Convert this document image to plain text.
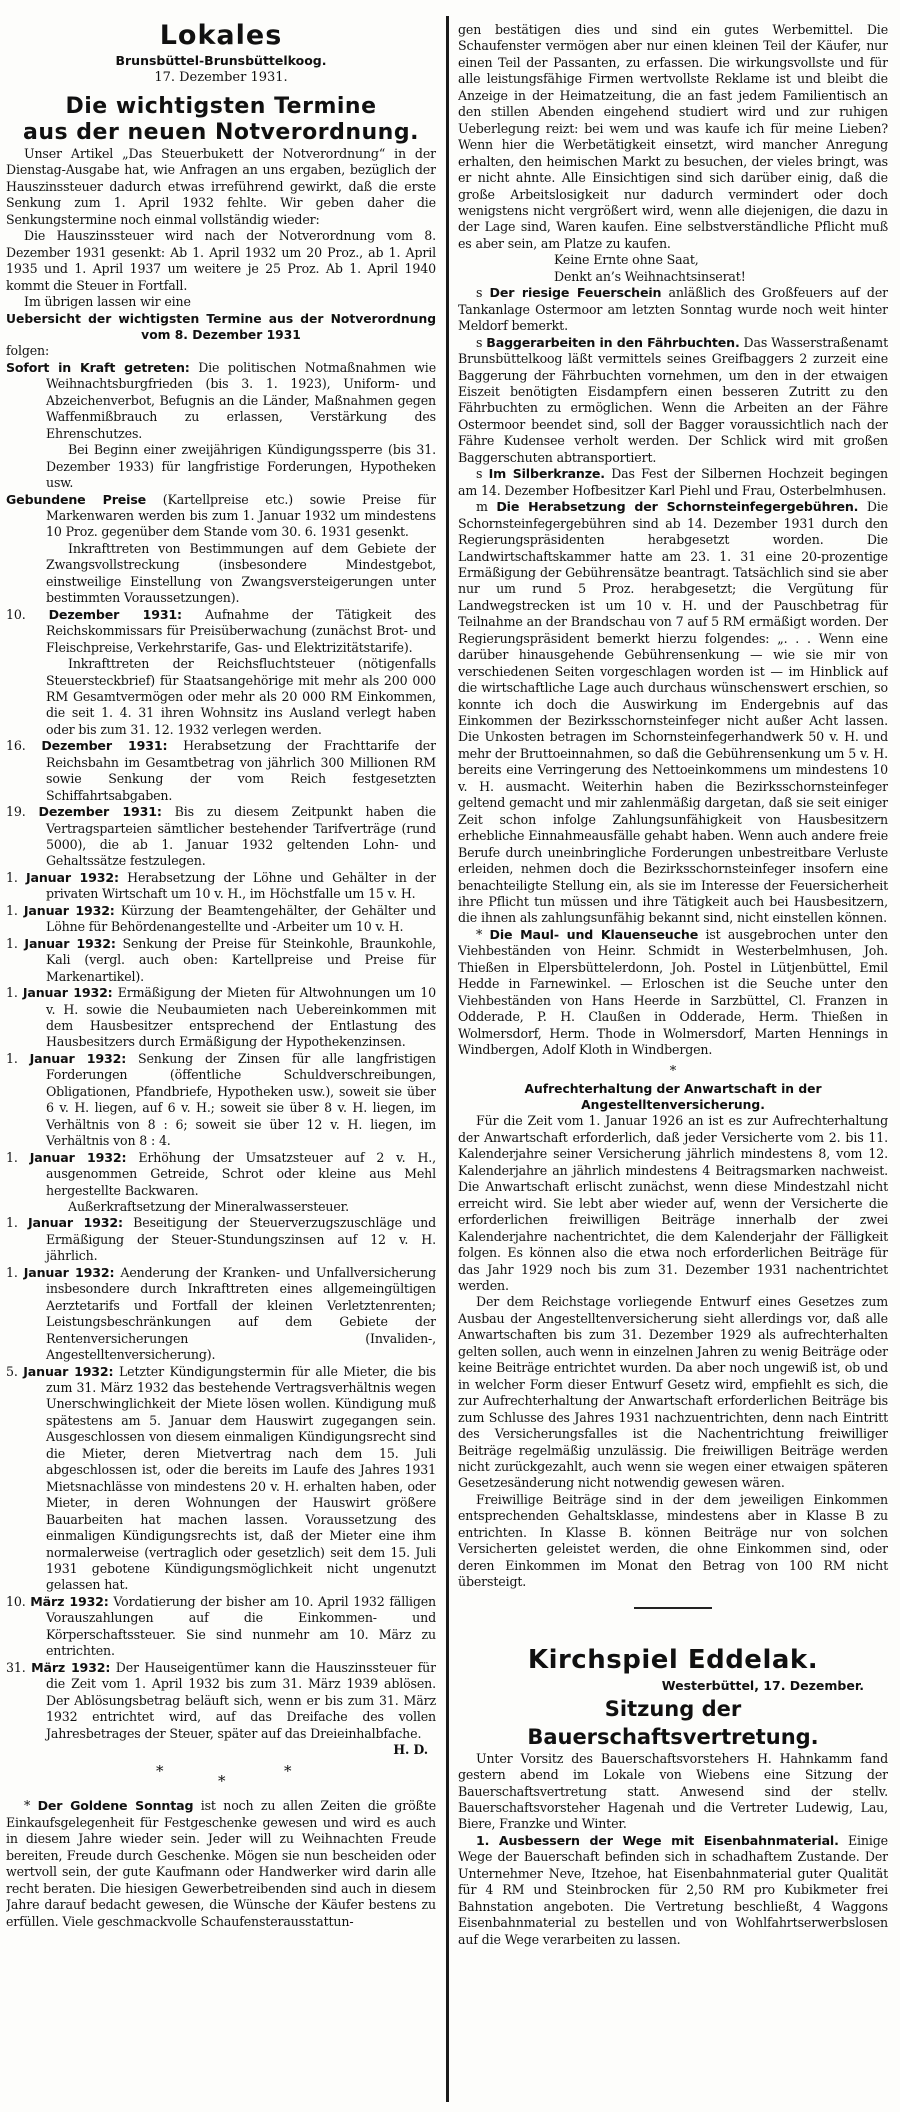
Lokales
Brunsbüttel-Brunsbüttelkoog.
17. Dezember 1931.
Die wichtigsten Termine
aus der neuen Notverordnung.
Unser Artikel „Das Steuerbukett der Notverordnung“ in der Dienstag-Ausgabe hat, wie Anfragen an uns ergaben, bezüglich der Hauszinssteuer dadurch etwas irreführend gewirkt, daß die erste Senkung zum 1. April 1932 fehlte. Wir geben daher die Senkungstermine noch einmal vollständig wieder:
Die Hauszinssteuer wird nach der Notverordnung vom 8. Dezember 1931 gesenkt: Ab 1. April 1932 um 20 Proz., ab 1. April 1935 und 1. April 1937 um weitere je 25 Proz. Ab 1. April 1940 kommt die Steuer in Fortfall.
Im übrigen lassen wir eine
Uebersicht der wichtigsten Termine aus der Notverordnung
vom 8. Dezember 1931
folgen:
Sofort in Kraft getreten: Die politischen Notmaßnahmen wie Weihnachtsburgfrieden (bis 3. 1. 1923), Uniform- und Abzeichenverbot, Befugnis an die Länder, Maßnahmen gegen Waffenmißbrauch zu erlassen, Verstärkung des Ehrenschutzes.
Bei Beginn einer zweijährigen Kündigungssperre (bis 31. Dezember 1933) für langfristige Forderungen, Hypotheken usw.
Gebundene Preise (Kartellpreise etc.) sowie Preise für Markenwaren werden bis zum 1. Januar 1932 um mindestens 10 Proz. gegenüber dem Stande vom 30. 6. 1931 gesenkt.
Inkrafttreten von Bestimmungen auf dem Gebiete der Zwangsvollstreckung (insbesondere Mindestgebot, einstweilige Einstellung von Zwangsversteigerungen unter bestimmten Voraussetzungen).
10. Dezember 1931: Aufnahme der Tätigkeit des Reichskommissars für Preisüberwachung (zunächst Brot- und Fleischpreise, Verkehrstarife, Gas- und Elektrizitätstarife).
Inkrafttreten der Reichsfluchtsteuer (nötigenfalls Steuersteckbrief) für Staatsangehörige mit mehr als 200 000 RM Gesamtvermögen oder mehr als 20 000 RM Einkommen, die seit 1. 4. 31 ihren Wohnsitz ins Ausland verlegt haben oder bis zum 31. 12. 1932 verlegen werden.
16. Dezember 1931: Herabsetzung der Frachttarife der Reichsbahn im Gesamtbetrag von jährlich 300 Millionen RM sowie Senkung der vom Reich festgesetzten Schiffahrtsabgaben.
19. Dezember 1931: Bis zu diesem Zeitpunkt haben die Vertragsparteien sämtlicher bestehender Tarifverträge (rund 5000), die ab 1. Januar 1932 geltenden Lohn- und Gehaltssätze festzulegen.
1. Januar 1932: Herabsetzung der Löhne und Gehälter in der privaten Wirtschaft um 10 v. H., im Höchstfalle um 15 v. H.
1. Januar 1932: Kürzung der Beamtengehälter, der Gehälter und Löhne für Behördenangestellte und -Arbeiter um 10 v. H.
1. Januar 1932: Senkung der Preise für Steinkohle, Braunkohle, Kali (vergl. auch oben: Kartellpreise und Preise für Markenartikel).
1. Januar 1932: Ermäßigung der Mieten für Altwohnungen um 10 v. H. sowie die Neubaumieten nach Uebereinkommen mit dem Hausbesitzer entsprechend der Entlastung des Hausbesitzers durch Ermäßigung der Hypothekenzinsen.
1. Januar 1932: Senkung der Zinsen für alle langfristigen Forderungen (öffentliche Schuldverschreibungen, Obligationen, Pfandbriefe, Hypotheken usw.), soweit sie über 6 v. H. liegen, auf 6 v. H.; soweit sie über 8 v. H. liegen, im Verhältnis von 8 : 6; soweit sie über 12 v. H. liegen, im Verhältnis von 8 : 4.
1. Januar 1932: Erhöhung der Umsatzsteuer auf 2 v. H., ausgenommen Getreide, Schrot oder kleine aus Mehl hergestellte Backwaren.
Außerkraftsetzung der Mineralwassersteuer.
1. Januar 1932: Beseitigung der Steuerverzugszuschläge und Ermäßigung der Steuer-Stundungszinsen auf 12 v. H. jährlich.
1. Januar 1932: Aenderung der Kranken- und Unfallversicherung insbesondere durch Inkrafttreten eines allgemeingültigen Aerztetarifs und Fortfall der kleinen Verletztenrenten; Leistungsbeschränkungen auf dem Gebiete der Rentenversicherungen (Invaliden-, Angestelltenversicherung).
5. Januar 1932: Letzter Kündigungstermin für alle Mieter, die bis zum 31. März 1932 das bestehende Vertragsverhältnis wegen Unerschwinglichkeit der Miete lösen wollen. Kündigung muß spätestens am 5. Januar dem Hauswirt zugegangen sein. Ausgeschlossen von diesem einmaligen Kündigungsrecht sind die Mieter, deren Mietvertrag nach dem 15. Juli abgeschlossen ist, oder die bereits im Laufe des Jahres 1931 Mietsnachlässe von mindestens 20 v. H. erhalten haben, oder Mieter, in deren Wohnungen der Hauswirt größere Bauarbeiten hat machen lassen. Voraussetzung des einmaligen Kündigungsrechts ist, daß der Mieter eine ihm normalerweise (vertraglich oder gesetzlich) seit dem 15. Juli 1931 gebotene Kündigungsmöglichkeit nicht ungenutzt gelassen hat.
10. März 1932: Vordatierung der bisher am 10. April 1932 fälligen Vorauszahlungen auf die Einkommen- und Körperschaftssteuer. Sie sind nunmehr am 10. März zu entrichten.
31. März 1932: Der Hauseigentümer kann die Hauszinssteuer für die Zeit vom 1. April 1932 bis zum 31. März 1939 ablösen. Der Ablösungsbetrag beläuft sich, wenn er bis zum 31. März 1932 entrichtet wird, auf das Dreifache des vollen Jahresbetrages der Steuer, später auf das Dreieinhalbfache.
H. D.
*
*
*
* Der Goldene Sonntag ist noch zu allen Zeiten die größte Einkaufsgelegenheit für Festgeschenke gewesen und wird es auch in diesem Jahre wieder sein. Jeder will zu Weihnachten Freude bereiten, Freude durch Geschenke. Mögen sie nun bescheiden oder wertvoll sein, der gute Kaufmann oder Handwerker wird darin alle recht beraten. Die hiesigen Gewerbetreibenden sind auch in diesem Jahre darauf bedacht gewesen, die Wünsche der Käufer bestens zu erfüllen. Viele geschmackvolle Schaufensterausstattun-
gen bestätigen dies und sind ein gutes Werbemittel. Die Schaufenster vermögen aber nur einen kleinen Teil der Käufer, nur einen Teil der Passanten, zu erfassen. Die wirkungsvollste und für alle leistungsfähige Firmen wertvollste Reklame ist und bleibt die Anzeige in der Heimatzeitung, die an fast jedem Familientisch an den stillen Abenden eingehend studiert wird und zur ruhigen Ueberlegung reizt: bei wem und was kaufe ich für meine Lieben? Wenn hier die Werbetätigkeit einsetzt, wird mancher Anregung erhalten, den heimischen Markt zu besuchen, der vieles bringt, was er nicht ahnte. Alle Einsichtigen sind sich darüber einig, daß die große Arbeitslosigkeit nur dadurch vermindert oder doch wenigstens nicht vergrößert wird, wenn alle diejenigen, die dazu in der Lage sind, Waren kaufen. Eine selbstverständliche Pflicht muß es aber sein, am Platze zu kaufen.
Keine Ernte ohne Saat,
Denkt an’s Weihnachtsinserat!
s Der riesige Feuerschein anläßlich des Großfeuers auf der Tankanlage Ostermoor am letzten Sonntag wurde noch weit hinter Meldorf bemerkt.
s Baggerarbeiten in den Fährbuchten. Das Wasserstraßenamt Brunsbüttelkoog läßt vermittels seines Greifbaggers 2 zurzeit eine Baggerung der Fährbuchten vornehmen, um den in der etwaigen Eiszeit benötigten Eisdampfern einen besseren Zutritt zu den Fährbuchten zu ermöglichen. Wenn die Arbeiten an der Fähre Ostermoor beendet sind, soll der Bagger voraussichtlich nach der Fähre Kudensee verholt werden. Der Schlick wird mit großen Baggerschuten abtransportiert.
s Im Silberkranze. Das Fest der Silbernen Hochzeit begingen am 14. Dezember Hofbesitzer Karl Piehl und Frau, Osterbelmhusen.
m Die Herabsetzung der Schornsteinfegergebühren. Die Schornsteinfegergebühren sind ab 14. Dezember 1931 durch den Regierungspräsidenten herabgesetzt worden. Die Landwirtschaftskammer hatte am 23. 1. 31 eine 20-prozentige Ermäßigung der Gebührensätze beantragt. Tatsächlich sind sie aber nur um rund 5 Proz. herabgesetzt; die Vergütung für Landwegstrecken ist um 10 v. H. und der Pauschbetrag für Teilnahme an der Brandschau von 7 auf 5 RM ermäßigt worden. Der Regierungspräsident bemerkt hierzu folgendes: „. . . Wenn eine darüber hinausgehende Gebührensenkung — wie sie mir von verschiedenen Seiten vorgeschlagen worden ist — im Hinblick auf die wirtschaftliche Lage auch durchaus wünschenswert erschien, so konnte ich doch die Auswirkung im Endergebnis auf das Einkommen der Bezirksschornsteinfeger nicht außer Acht lassen. Die Unkosten betragen im Schornsteinfegerhandwerk 50 v. H. und mehr der Bruttoeinnahmen, so daß die Gebührensenkung um 5 v. H. bereits eine Verringerung des Nettoeinkommens um mindestens 10 v. H. ausmacht. Weiterhin haben die Bezirksschornsteinfeger geltend gemacht und mir zahlenmäßig dargetan, daß sie seit einiger Zeit schon infolge Zahlungsunfähigkeit von Hausbesitzern erhebliche Einnahmeausfälle gehabt haben. Wenn auch andere freie Berufe durch uneinbringliche Forderungen unbestreitbare Verluste erleiden, nehmen doch die Bezirksschornsteinfeger insofern eine benachteiligte Stellung ein, als sie im Interesse der Feuersicherheit ihre Pflicht tun müssen und ihre Tätigkeit auch bei Hausbesitzern, die ihnen als zahlungsunfähig bekannt sind, nicht einstellen können.
* Die Maul- und Klauenseuche ist ausgebrochen unter den Viehbeständen von Heinr. Schmidt in Westerbelmhusen, Joh. Thießen in Elpersbüttelerdonn, Joh. Postel in Lütjenbüttel, Emil Hedde in Farnewinkel. — Erloschen ist die Seuche unter den Viehbeständen von Hans Heerde in Sarzbüttel, Cl. Franzen in Odderade, P. H. Claußen in Odderade, Herm. Thießen in Wolmersdorf, Herm. Thode in Wolmersdorf, Marten Hennings in Windbergen, Adolf Kloth in Windbergen.
*
Aufrechterhaltung der Anwartschaft in der
Angestelltenversicherung.
Für die Zeit vom 1. Januar 1926 an ist es zur Aufrechterhaltung der Anwartschaft erforderlich, daß jeder Versicherte vom 2. bis 11. Kalenderjahre seiner Versicherung jährlich mindestens 8, vom 12. Kalenderjahre an jährlich mindestens 4 Beitragsmarken nachweist. Die Anwartschaft erlischt zunächst, wenn diese Mindestzahl nicht erreicht wird. Sie lebt aber wieder auf, wenn der Versicherte die erforderlichen freiwilligen Beiträge innerhalb der zwei Kalenderjahre nachentrichtet, die dem Kalenderjahr der Fälligkeit folgen. Es können also die etwa noch erforderlichen Beiträge für das Jahr 1929 noch bis zum 31. Dezember 1931 nachentrichtet werden.
Der dem Reichstage vorliegende Entwurf eines Gesetzes zum Ausbau der Angestelltenversicherung sieht allerdings vor, daß alle Anwartschaften bis zum 31. Dezember 1929 als aufrechterhalten gelten sollen, auch wenn in einzelnen Jahren zu wenig Beiträge oder keine Beiträge entrichtet wurden. Da aber noch ungewiß ist, ob und in welcher Form dieser Entwurf Gesetz wird, empfiehlt es sich, die zur Aufrechterhaltung der Anwartschaft erforderlichen Beiträge bis zum Schlusse des Jahres 1931 nachzuentrichten, denn nach Eintritt des Versicherungsfalles ist die Nachentrichtung freiwilliger Beiträge regelmäßig unzulässig. Die freiwilligen Beiträge werden nicht zurückgezahlt, auch wenn sie wegen einer etwaigen späteren Gesetzesänderung nicht notwendig gewesen wären.
Freiwillige Beiträge sind in der dem jeweiligen Einkommen entsprechenden Gehaltsklasse, mindestens aber in Klasse B zu entrichten. In Klasse B. können Beiträge nur von solchen Versicherten geleistet werden, die ohne Einkommen sind, oder deren Einkommen im Monat den Betrag von 100 RM nicht übersteigt.
Kirchspiel Eddelak.
Westerbüttel, 17. Dezember.
Sitzung der Bauerschaftsvertretung.
Unter Vorsitz des Bauerschaftsvorstehers H. Hahnkamm fand gestern abend im Lokale von Wiebens eine Sitzung der Bauerschaftsvertretung statt. Anwesend sind der stellv. Bauerschaftsvorsteher Hagenah und die Vertreter Ludewig, Lau, Biere, Franzke und Winter.
1. Ausbessern der Wege mit Eisenbahnmaterial. Einige Wege der Bauerschaft befinden sich in schadhaftem Zustande. Der Unternehmer Neve, Itzehoe, hat Eisenbahnmaterial guter Qualität für 4 RM und Steinbrocken für 2,50 RM pro Kubikmeter frei Bahnstation angeboten. Die Vertretung beschließt, 4 Waggons Eisenbahnmaterial zu bestellen und von Wohlfahrtserwerbslosen auf die Wege verarbeiten zu lassen.
